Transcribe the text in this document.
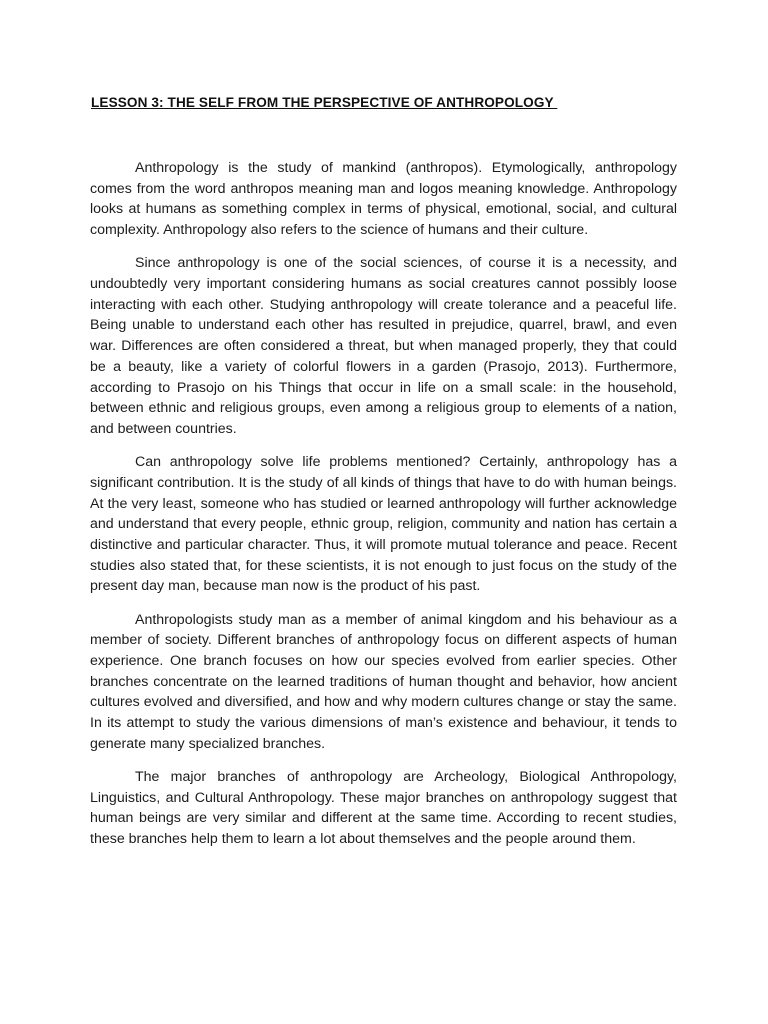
LESSON 3: THE SELF FROM THE PERSPECTIVE OF ANTHROPOLOGY

Anthropology is the study of mankind (anthropos). Etymologically, anthropology comes from the word anthropos meaning man and logos meaning knowledge. Anthropology looks at humans as something complex in terms of physical, emotional, social, and cultural complexity. Anthropology also refers to the science of humans and their culture.

Since anthropology is one of the social sciences, of course it is a necessity, and undoubtedly very important considering humans as social creatures cannot possibly loose interacting with each other. Studying anthropology will create tolerance and a peaceful life. Being unable to understand each other has resulted in prejudice, quarrel, brawl, and even war. Differences are often considered a threat, but when managed properly, they that could be a beauty, like a variety of colorful flowers in a garden (Prasojo, 2013). Furthermore, according to Prasojo on his Things that occur in life on a small scale: in the household, between ethnic and religious groups, even among a religious group to elements of a nation, and between countries.

Can anthropology solve life problems mentioned? Certainly, anthropology has a significant contribution. It is the study of all kinds of things that have to do with human beings. At the very least, someone who has studied or learned anthropology will further acknowledge and understand that every people, ethnic group, religion, community and nation has certain a distinctive and particular character. Thus, it will promote mutual tolerance and peace. Recent studies also stated that, for these scientists, it is not enough to just focus on the study of the present day man, because man now is the product of his past.

Anthropologists study man as a member of animal kingdom and his behaviour as a member of society. Different branches of anthropology focus on different aspects of human experience. One branch focuses on how our species evolved from earlier species. Other branches concentrate on the learned traditions of human thought and behavior, how ancient cultures evolved and diversified, and how and why modern cultures change or stay the same. In its attempt to study the various dimensions of man’s existence and behaviour, it tends to generate many specialized branches.

The major branches of anthropology are Archeology, Biological Anthropology, Linguistics, and Cultural Anthropology. These major branches on anthropology suggest that human beings are very similar and different at the same time. According to recent studies, these branches help them to learn a lot about themselves and the people around them.
